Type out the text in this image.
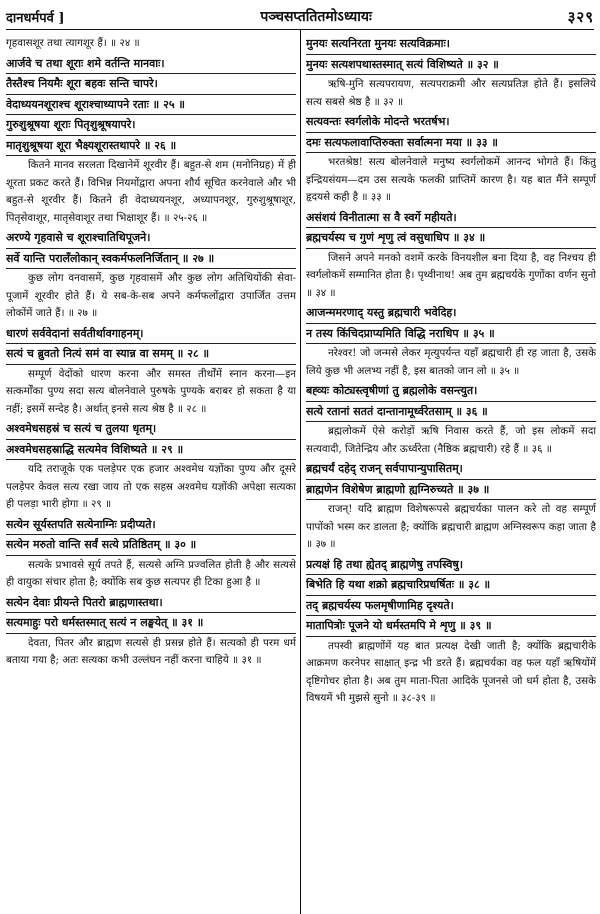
दानधर्मपर्व ]	पञ्चसप्ततितमोऽध्यायः	३२९
गृहवासशूर तथा त्यागशूर हैं। ॥ २४ ॥
आर्जवे च तथा शूराः शमे वर्तन्ति मानवाः।
तैस्तैश्च नियमैः शूरा बहवः सन्ति चापरे।
वेदाध्ययनशूराश्च शूराश्चाध्यापने रताः ॥ २५ ॥
गुरुशुश्रूषया शूराः पितृशुश्रूषयापरे।
मातृशुश्रूषया शूरा भैक्ष्यशूरास्तथापरे ॥ २६ ॥
कितने मानव सरलता दिखानेमें शूरवीर हैं। बहुत-से शम (मनोनिग्रह) में ही शूरता प्रकट करते हैं। विभिन्न नियमोंद्वारा अपना शौर्य सूचित करनेवाले और भी बहुत-से शूरवीर हैं। कितने ही वेदाध्ययनशूर, अध्यापनशूर, गुरुशुश्रूषाशूर, पितृसेवाशूर, मातृसेवाशूर तथा भिक्षाशूर हैं। ॥ २५-२६ ॥
अरण्ये गृहवासे च शूराश्चातिथिपूजने।
सर्वे यान्ति परालँलोकान् स्वकर्मफलनिर्जितान् ॥ २७ ॥
कुछ लोग वनवासमें, कुछ गृहवासमें और कुछ लोग अतिथियोंकी सेवा-पूजामें शूरवीर होते हैं। ये सब-के-सब अपने कर्मफलोंद्वारा उपार्जित उत्तम लोकोंमें जाते हैं। ॥ २७ ॥
धारणं सर्ववेदानां सर्वतीर्थावगाहनम्।
सत्यं च ब्रुवतो नित्यं समं वा स्यान्न वा समम् ॥ २८ ॥
सम्पूर्ण वेदोंको धारण करना और समस्त तीर्थोंमें स्नान करना—इन सत्कर्मोंका पुण्य सदा सत्य बोलनेवाले पुरुषके पुण्यके बराबर हो सकता है या नहीं; इसमें सन्देह है। अर्थात् इनसे सत्य श्रेष्ठ है ॥ २८ ॥
अश्वमेधसहस्रं च सत्यं च तुलया धृतम्।
अश्वमेधसहस्राद्धि सत्यमेव विशिष्यते ॥ २९ ॥
यदि तराजूके एक पलड़ेपर एक हजार अश्वमेध यज्ञोंका पुण्य और दूसरे पलड़ेपर केवल सत्य रखा जाय तो एक सहस्र अश्वमेध यज्ञोंकी अपेक्षा सत्यका ही पलड़ा भारी होगा ॥ २९ ॥
सत्येन सूर्यस्तपति सत्येनाग्निः प्रदीप्यते।
सत्येन मरुतो वान्ति सर्वं सत्ये प्रतिष्ठितम् ॥ ३० ॥
सत्यके प्रभावसे सूर्य तपते हैं, सत्यसे अग्नि प्रज्वलित होती है और सत्यसे ही वायुका संचार होता है; क्योंकि सब कुछ सत्यपर ही टिका हुआ है ॥
सत्येन देवाः प्रीयन्ते पितरो ब्राह्मणास्तथा।
सत्यमाहुः परो धर्मस्तस्मात् सत्यं न लङ्घयेत् ॥ ३१ ॥
देवता, पितर और ब्राह्मण सत्यसे ही प्रसन्न होते हैं। सत्यको ही परम धर्म बताया गया है; अतः सत्यका कभी उल्लंघन नहीं करना चाहिये ॥ ३१ ॥
मुनयः सत्यनिरता मुनयः सत्यविक्रमाः।
मुनयः सत्यशपथास्तस्मात् सत्यं विशिष्यते ॥ ३२ ॥
ऋषि-मुनि सत्यपरायण, सत्यपराक्रमी और सत्यप्रतिज्ञ होते हैं। इसलिये सत्य सबसे श्रेष्ठ है ॥ ३२ ॥
सत्यवन्तः स्वर्गलोके मोदन्ते भरतर्षभ।
दमः सत्यफलावाप्तिरुक्ता सर्वात्मना मया ॥ ३३ ॥
भरतश्रेष्ठ! सत्य बोलनेवाले मनुष्य स्वर्गलोकमें आनन्द भोगते हैं। किंतु इन्द्रियसंयम—दम उस सत्यके फलकी प्राप्तिमें कारण है। यह बात मैंने सम्पूर्ण हृदयसे कही है ॥ ३३ ॥
असंशयं विनीतात्मा स वै स्वर्गे महीयते।
ब्रह्मचर्यस्य च गुणं शृणु त्वं वसुधाधिप ॥ ३४ ॥
जिसने अपने मनको वशमें करके विनयशील बना दिया है, वह निश्चय ही स्वर्गलोकमें सम्मानित होता है। पृथ्वीनाथ! अब तुम ब्रह्मचर्यके गुणोंका वर्णन सुनो ॥ ३४ ॥
आजन्ममरणाद् यस्तु ब्रह्मचारी भवेदिह।
न तस्य किंचिदप्राप्यमिति विद्धि नराधिप ॥ ३५ ॥
नरेश्वर! जो जन्मसे लेकर मृत्युपर्यन्त यहाँ ब्रह्मचारी ही रह जाता है, उसके लिये कुछ भी अलभ्य नहीं है, इस बातको जान लो ॥ ३५ ॥
बह्व्यः कोट्यस्त्वृषीणां तु ब्रह्मलोके वसन्त्युत।
सत्ये रतानां सततं दान्तानामूर्ध्वरेतसाम् ॥ ३६ ॥
ब्रह्मलोकमें ऐसे करोड़ों ऋषि निवास करते हैं, जो इस लोकमें सदा सत्यवादी, जितेन्द्रिय और ऊर्ध्वरेता (नैष्ठिक ब्रह्मचारी) रहे हैं ॥ ३६ ॥
ब्रह्मचर्यं दहेद् राजन् सर्वपापान्युपासितम्।
ब्राह्मणेन विशेषेण ब्राह्मणो ह्यग्निरुच्यते ॥ ३७ ॥
राजन्! यदि ब्राह्मण विशेषरूपसे ब्रह्मचर्यका पालन करे तो वह सम्पूर्ण पापोंको भस्म कर डालता है; क्योंकि ब्रह्मचारी ब्राह्मण अग्निस्वरूप कहा जाता है ॥ ३७ ॥
प्रत्यक्षं हि तथा ह्येतद् ब्राह्मणेषु तपस्विषु।
बिभेति हि यथा शक्रो ब्रह्मचारिप्रधर्षितः ॥ ३८ ॥
तद् ब्रह्मचर्यस्य फलमृषीणामिह दृश्यते।
मातापित्रोः पूजने यो धर्मस्तमपि मे शृणु ॥ ३९ ॥
तपस्वी ब्राह्मणोंमें यह बात प्रत्यक्ष देखी जाती है; क्योंकि ब्रह्मचारीके आक्रमण करनेपर साक्षात् इन्द्र भी डरते हैं। ब्रह्मचर्यका वह फल यहाँ ऋषियोंमें दृष्टिगोचर होता है। अब तुम माता-पिता आदिके पूजनसे जो धर्म होता है, उसके विषयमें भी मुझसे सुनो ॥ ३८-३९ ॥
